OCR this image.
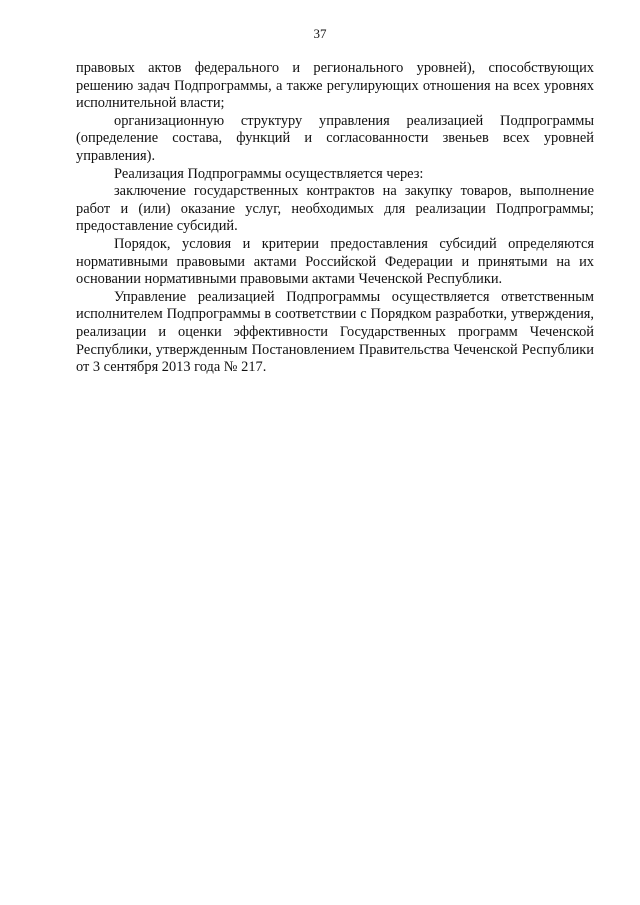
37

правовых актов федерального и регионального уровней), способствующих решению задач Подпрограммы, а также регулирующих отношения на всех уровнях исполнительной власти;

организационную структуру управления реализацией Подпрограммы (определение состава, функций и согласованности звеньев всех уровней управления).

Реализация Подпрограммы осуществляется через:

заключение государственных контрактов на закупку товаров, выполнение работ и (или) оказание услуг, необходимых для реализации Подпрограммы; предоставление субсидий.

Порядок, условия и критерии предоставления субсидий определяются нормативными правовыми актами Российской Федерации и принятыми на их основании нормативными правовыми актами Чеченской Республики.

Управление реализацией Подпрограммы осуществляется ответственным исполнителем Подпрограммы в соответствии с Порядком разработки, утверждения, реализации и оценки эффективности Государственных программ Чеченской Республики, утвержденным Постановлением Правительства Чеченской Республики от 3 сентября 2013 года № 217.
